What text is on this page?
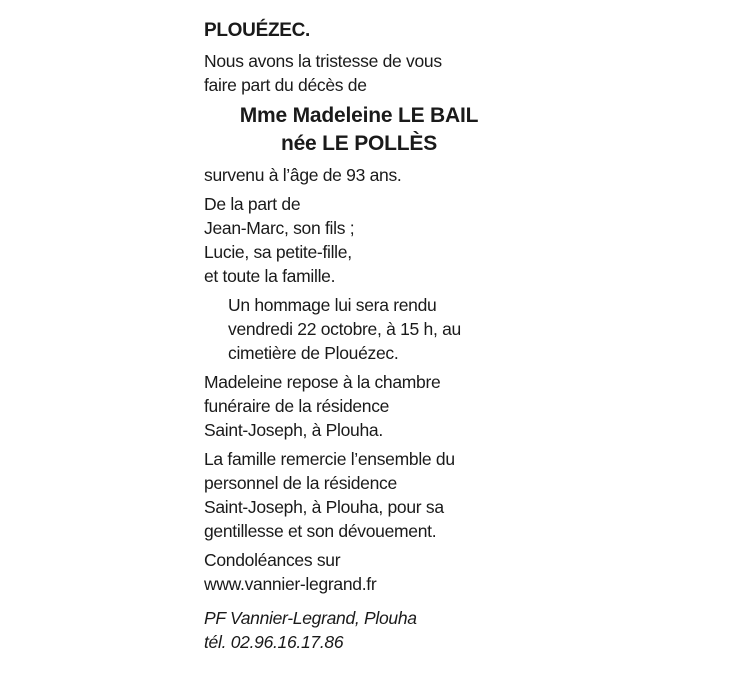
PLOUÉZEC.
Nous avons la tristesse de vous
faire part du décès de
Mme Madeleine LE BAIL
née LE POLLÈS
survenu à l’âge de 93 ans.
De la part de
Jean-Marc, son fils ;
Lucie, sa petite-fille,
et toute la famille.
Un hommage lui sera rendu
vendredi 22 octobre, à 15 h, au
cimetière de Plouézec.
Madeleine repose à la chambre
funéraire de la résidence
Saint-Joseph, à Plouha.
La famille remercie l’ensemble du
personnel de la résidence
Saint-Joseph, à Plouha, pour sa
gentillesse et son dévouement.
Condoléances sur
www.vannier-legrand.fr
PF Vannier-Legrand, Plouha
tél. 02.96.16.17.86
